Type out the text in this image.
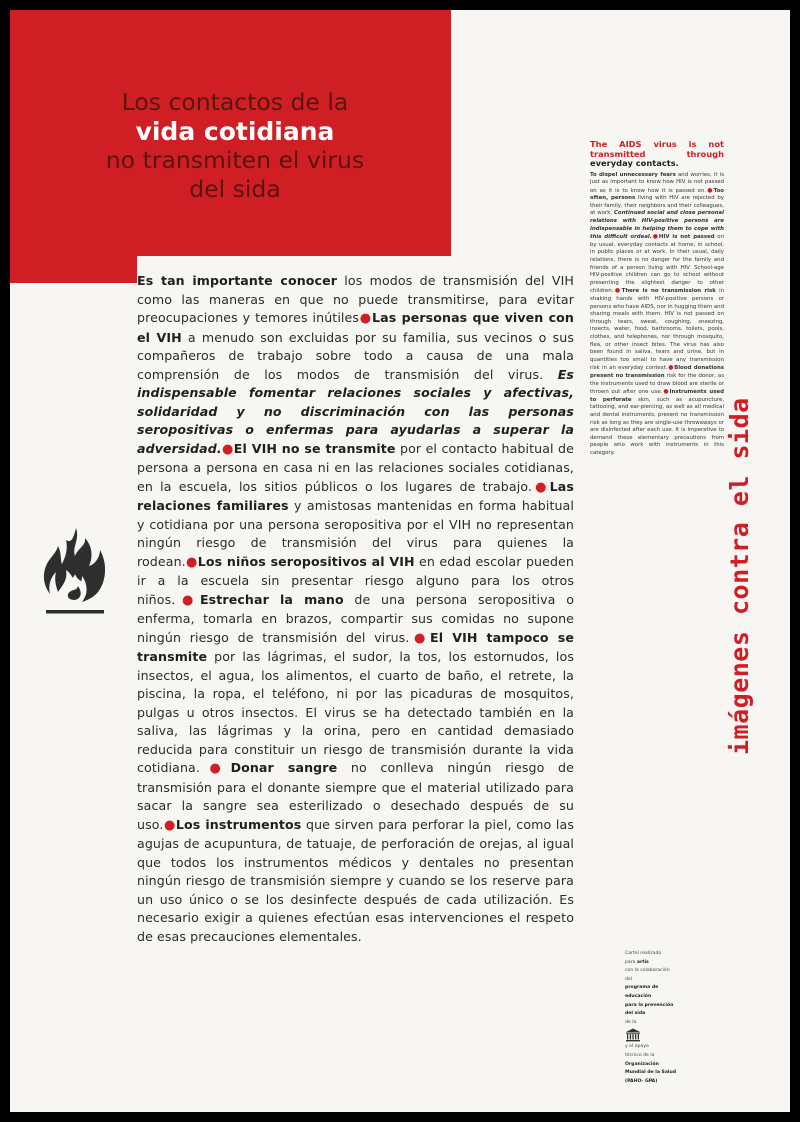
Los contactos de la
vida cotidiana
no transmiten el virus
del sida
Es tan importante conocer los modos de transmisión del VIH como las maneras en que no puede transmitirse, para evitar preocupaciones y temores inútiles●Las personas que viven con el VIH a menudo son excluidas por su familia, sus vecinos o sus compañeros de trabajo sobre todo a causa de una mala comprensión de los modos de transmisión del virus. Es indispensable fomentar relaciones sociales y afectivas, solidaridad y no discriminación con las personas seropositivas o enfermas para ayudarlas a superar la adversidad.●El VIH no se transmite por el contacto habitual de persona a persona en casa ni en las relaciones sociales cotidianas, en la escuela, los sitios públicos o los lugares de trabajo.●Las relaciones familiares y amistosas mantenidas en forma habitual y cotidiana por una persona seropositiva por el VIH no representan ningún riesgo de transmisión del virus para quienes la rodean.●Los niños seropositivos al VIH en edad escolar pueden ir a la escuela sin presentar riesgo alguno para los otros niños.●Estrechar la mano de una persona seropositiva o enferma, tomarla en brazos, compartir sus comidas no supone ningún riesgo de transmisión del virus.●El VIH tampoco se transmite por las lágrimas, el sudor, la tos, los estornudos, los insectos, el agua, los alimentos, el cuarto de baño, el retrete, la piscina, la ropa, el teléfono, ni por las picaduras de mosquitos, pulgas u otros insectos. El virus se ha detectado también en la saliva, las lágrimas y la orina, pero en cantidad demasiado reducida para constituir un riesgo de transmisión durante la vida cotidiana.●Donar sangre no conlleva ningún riesgo de transmisión para el donante siempre que el material utilizado para sacar la sangre sea esterilizado o desechado después de su uso.●Los instrumentos que sirven para perforar la piel, como las agujas de acupuntura, de tatuaje, de perforación de orejas, al igual que todos los instrumentos médicos y dentales no presentan ningún riesgo de transmisión siempre y cuando se los reserve para un uso único o se los desinfecte después de cada utilización. Es necesario exigir a quienes efectúan esas intervenciones el respeto de esas precauciones elementales.
The AIDS virus is not transmitted through everyday contacts.
To dispel unnecessary fears and worries, it is just as important to know how HIV is not passed on as it is to know how it is passed on.●Too often, persons living with HIV are rejected by their family, their neighbors and their colleagues, at work. Continued social and close personal relations with HIV-positive persons are indispensable in helping them to cope with this difficult ordeal.●HIV is not passed on by usual, everyday contacts at home, in school, in public places or at work. In their usual, daily relations, there is no danger for the family and friends of a person living with HIV. School-age HIV-positive children can go to school without presenting the slightest danger to other children.●There is no transmission risk in shaking hands with HIV-positive persons or persons who have AIDS, nor in hugging them and sharing meals with them. HIV is not passed on through tears, sweat, coughing, sneezing, insects, water, food, bathrooms, toilets, pools, clothes, and telephones, nor through mosquito, flea, or other insect bites. The virus has also been found in saliva, tears and urine, but in quantities too small to have any transmission risk in an everyday context.●Blood donations present no transmission risk for the donor, as the instruments used to draw blood are sterile or thrown out after one use.●Instruments used to perforate skin, such as acupuncture, tattooing, and ear-piercing, as well as all medical and dental instruments, present no transmission risk as long as they are single-use throwaways or are disinfected after each use. It is imperative to demand these elementary precautions from people who work with instruments in this category.	imágenes contra el sida
Cartel realizado
para artis
con la colaboración
del
programa de
educación
para la prevención
del sida
de la
y el apoyo
técnico de la
Organización
Mundial de la Salud
(PAHO- GPA)
